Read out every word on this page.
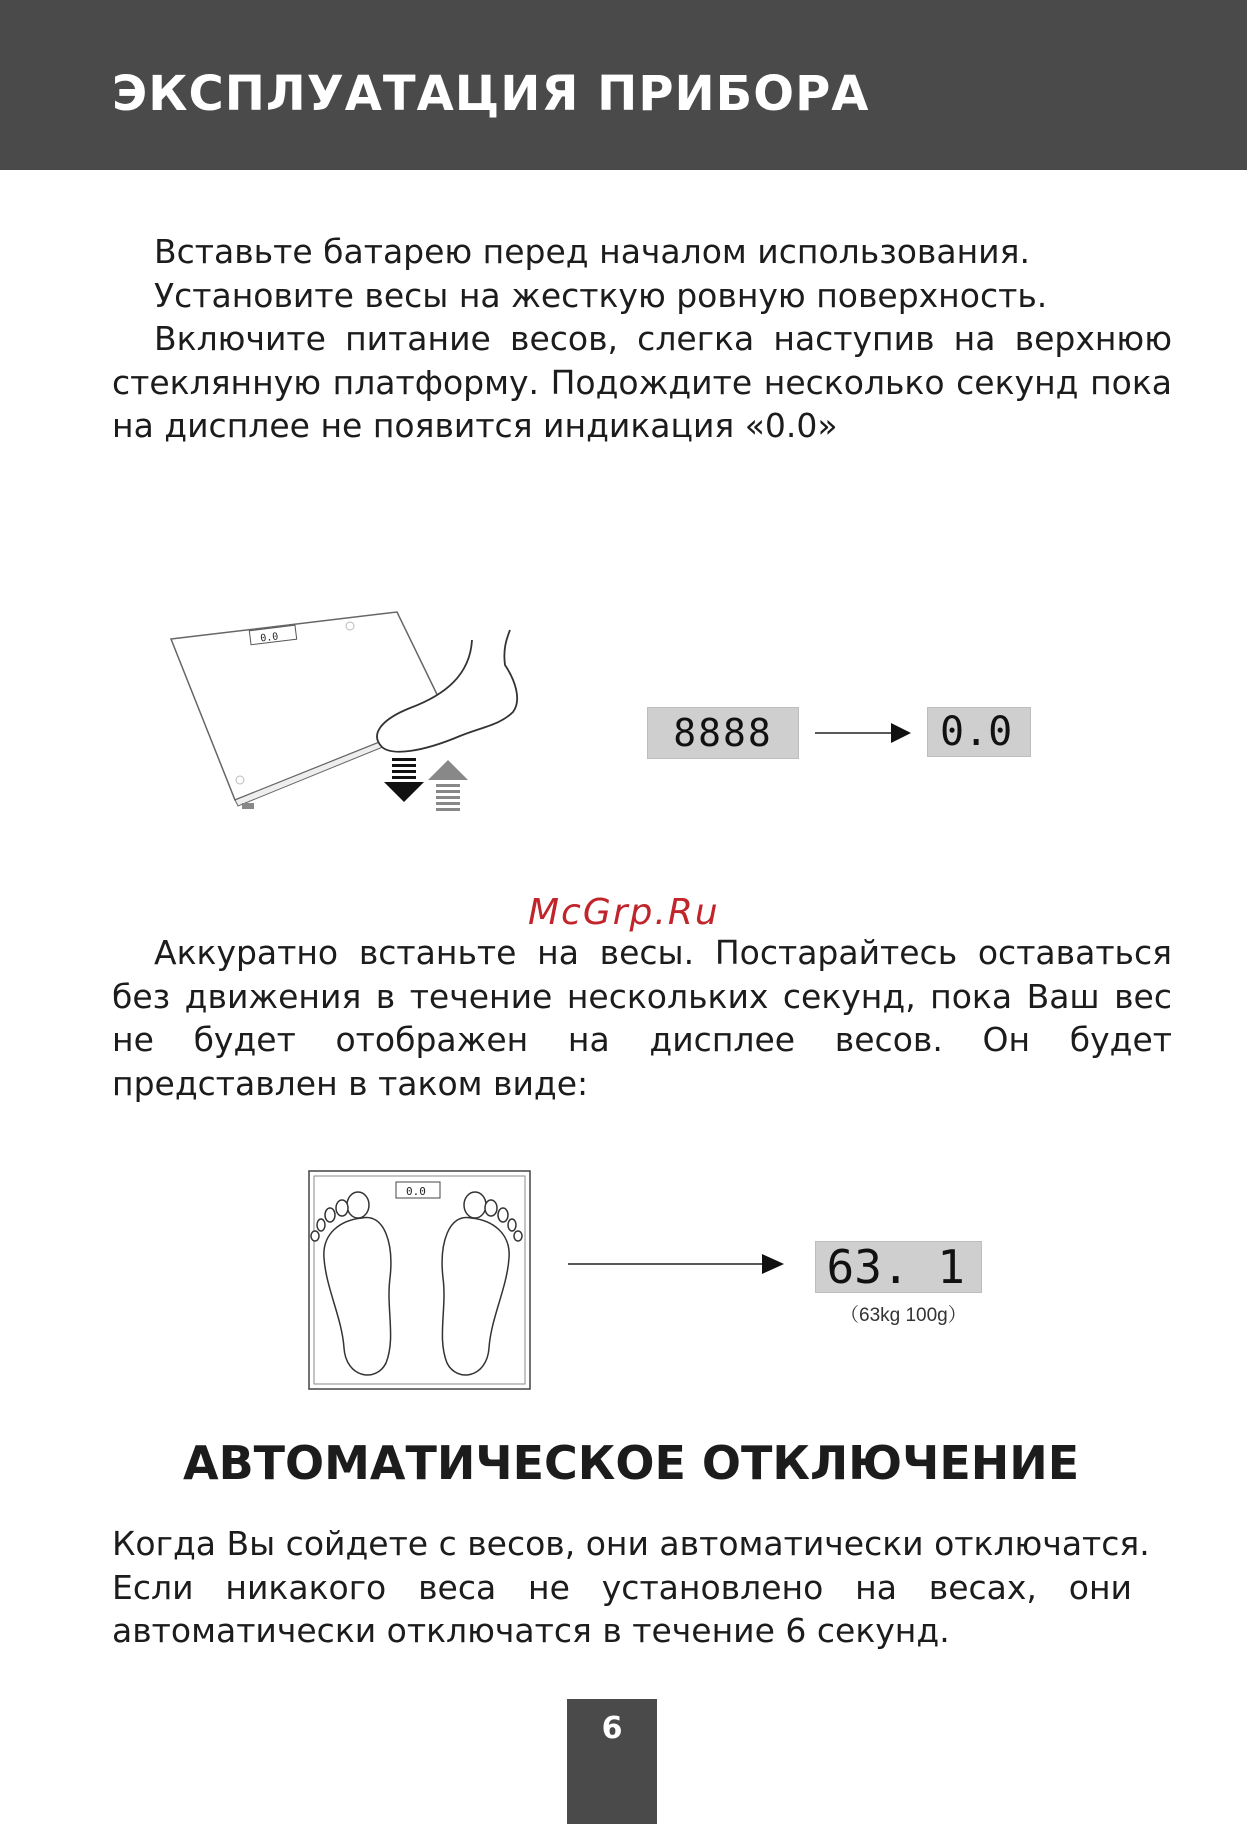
ЭКСПЛУАТАЦИЯ ПРИБОРА

Вставьте батарею перед началом использования.

Установите весы на жесткую ровную поверхность.

Включите питание весов, слегка наступив на верхнюю стеклянную платформу. Подождите несколько секунд пока на дисплее не появится индикация «0.0»

0.0
8888	0.0
McGrp.Ru

Аккуратно встаньте на весы. Постарайтесь оставаться без движения в течение нескольких секунд, пока Ваш вес не будет отображен на дисплее весов. Он будет представлен в таком виде:

0.0
63. 1
（63kg 100g）
АВТОМАТИЧЕСКОЕ ОТКЛЮЧЕНИЕ

Когда Вы сойдете с весов, они автоматически отключатся.

Если никакого веса не установлено на весах, они автоматически отключатся в течение 6 секунд.

6
